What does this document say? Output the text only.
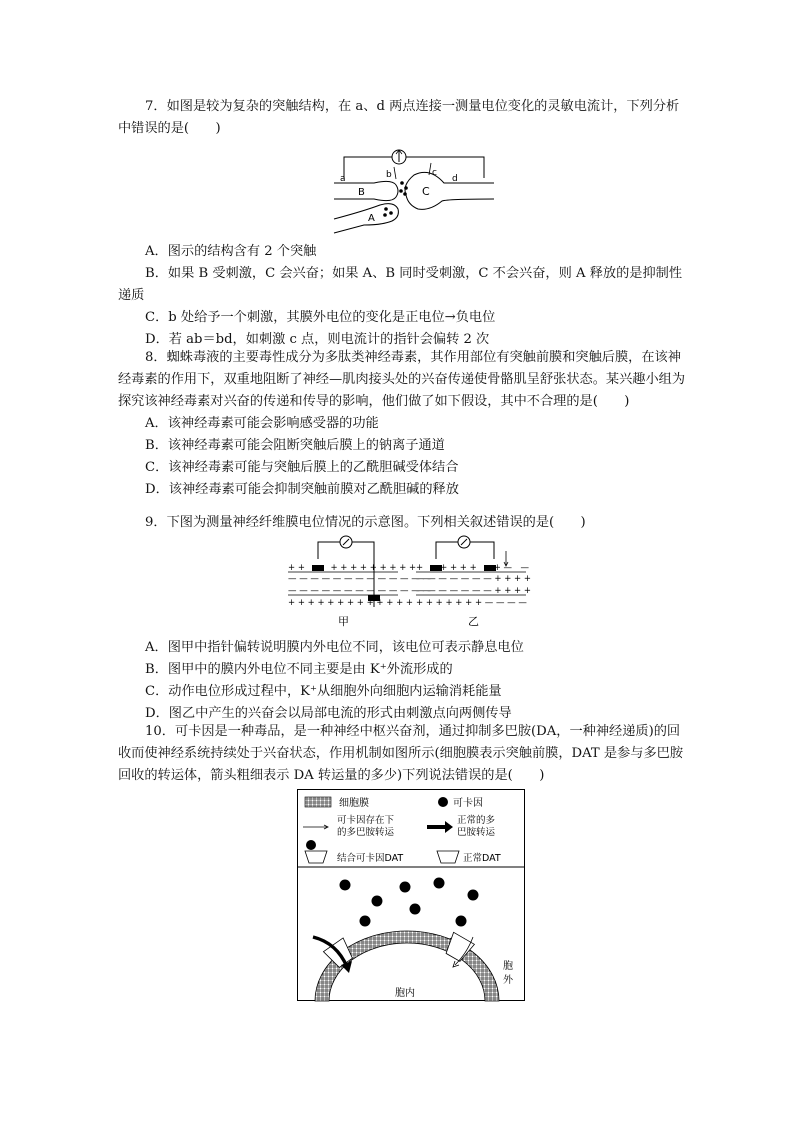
7．如图是较为复杂的突触结构，在 a、d 两点连接一测量电位变化的灵敏电流计，下列分析中错误的是(　　)

a	b	c
d
B	C
A

A．图示的结构含有 2 个突触

B．如果 B 受刺激，C 会兴奋；如果 A、B 同时受刺激，C 不会兴奋，则 A 释放的是抑制性递质

C．b 处给予一个刺激，其膜外电位的变化是正电位→负电位

D．若 ab＝bd，如刺激 c 点，则电流计的指针会偏转 2 次

8．蜘蛛毒液的主要毒性成分为多肽类神经毒素，其作用部位有突触前膜和突触后膜，在该神经毒素的作用下，双重地阻断了神经—肌肉接头处的兴奋传递使骨骼肌呈舒张状态。某兴趣小组为探究该神经毒素对兴奋的传递和传导的影响，他们做了如下假设，其中不合理的是(　　)

A．该神经毒素可能会影响感受器的功能

B．该神经毒素可能会阻断突触后膜上的钠离子通道

C．该神经毒素可能与突触后膜上的乙酰胆碱受体结合

D．该神经毒素可能会抑制突触前膜对乙酰胆碱的释放

9．下图为测量神经纤维膜电位情况的示意图。下列相关叙述错误的是(　　)

+ +　　　+ + + + + + + + +
— — — — — — — — — — — — —
— — — — — — — — — — — — —
+ + + + + + + + + + + + +
甲
+　　+ + + +　　+ —　—
— — — — — — — + + + +
— — — — — — — + + + +
+ + + + + + + — — — —
乙

A．图甲中指针偏转说明膜内外电位不同，该电位可表示静息电位

B．图甲中的膜内外电位不同主要是由 K⁺外流形成的

C．动作电位形成过程中，K⁺从细胞外向细胞内运输消耗能量

D．图乙中产生的兴奋会以局部电流的形式由刺激点向两侧传导

10．可卡因是一种毒品，是一种神经中枢兴奋剂，通过抑制多巴胺(DA，一种神经递质)的回收而使神经系统持续处于兴奋状态，作用机制如图所示(细胞膜表示突触前膜，DAT 是参与多巴胺回收的转运体，箭头粗细表示 DA 转运量的多少)下列说法错误的是(　　)

细胞膜	可卡因
可卡因存在下
的多巴胺转运
正常的多
巴胺转运
结合可卡因DAT	正常DAT
胞内
胞
外
